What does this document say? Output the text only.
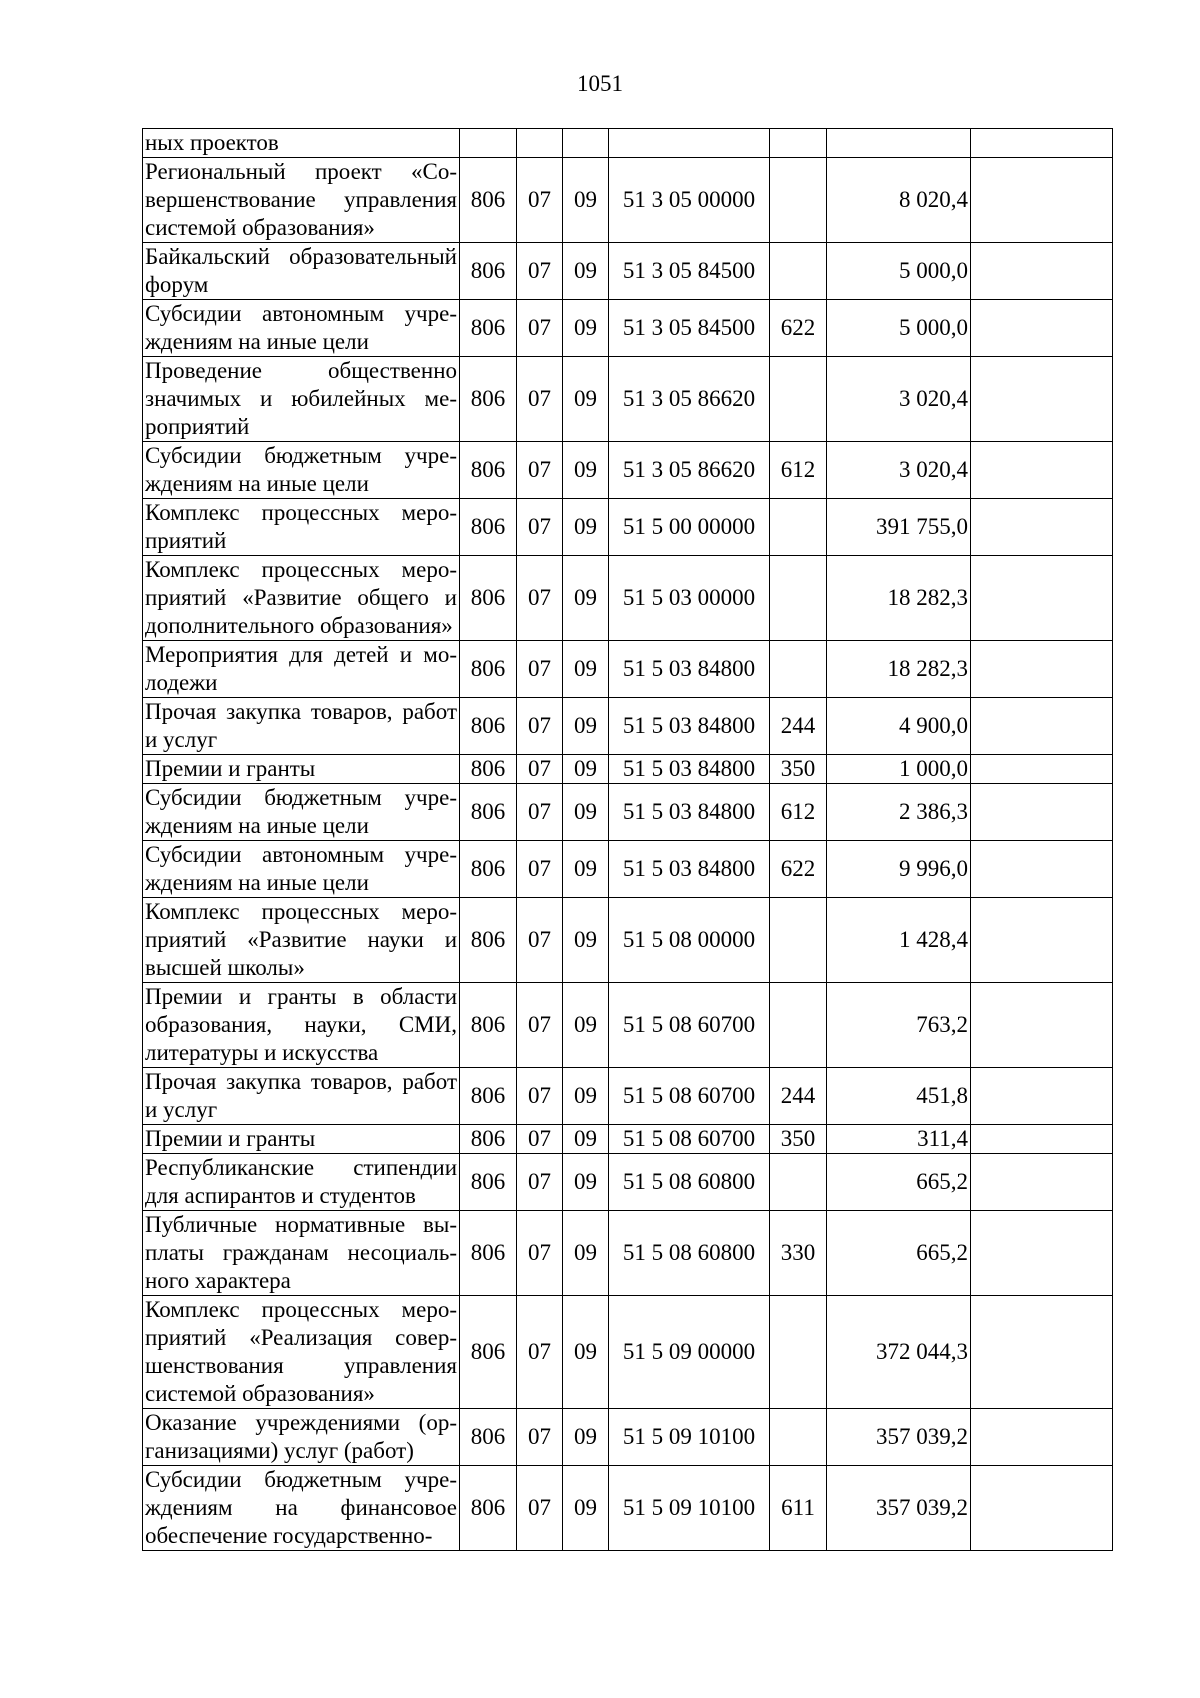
1051
ных проектов							
Региональный проект «Совершенствование управления системой образования»	806	07	09	51 3 05 00000		8 020,4	
Байкальский образовательный форум	806	07	09	51 3 05 84500		5 000,0	
Субсидии автономным учреждениям на иные цели	806	07	09	51 3 05 84500	622	5 000,0	
Проведение общественно значимых и юбилейных мероприятий	806	07	09	51 3 05 86620		3 020,4	
Субсидии бюджетным учреждениям на иные цели	806	07	09	51 3 05 86620	612	3 020,4	
Комплекс процессных мероприятий	806	07	09	51 5 00 00000		391 755,0	
Комплекс процессных мероприятий «Развитие общего и дополнительного образования»	806	07	09	51 5 03 00000		18 282,3	
Мероприятия для детей и молодежи	806	07	09	51 5 03 84800		18 282,3	
Прочая закупка товаров, работ и услуг	806	07	09	51 5 03 84800	244	4 900,0	
Премии и гранты	806	07	09	51 5 03 84800	350	1 000,0	
Субсидии бюджетным учреждениям на иные цели	806	07	09	51 5 03 84800	612	2 386,3	
Субсидии автономным учреждениям на иные цели	806	07	09	51 5 03 84800	622	9 996,0	
Комплекс процессных мероприятий «Развитие науки и высшей школы»	806	07	09	51 5 08 00000		1 428,4	
Премии и гранты в области образования, науки, СМИ, литературы и искусства	806	07	09	51 5 08 60700		763,2	
Прочая закупка товаров, работ и услуг	806	07	09	51 5 08 60700	244	451,8	
Премии и гранты	806	07	09	51 5 08 60700	350	311,4	
Республиканские стипендии для аспирантов и студентов	806	07	09	51 5 08 60800		665,2	
Публичные нормативные выплаты гражданам несоциального характера	806	07	09	51 5 08 60800	330	665,2	
Комплекс процессных мероприятий «Реализация совершенствования управления системой образования»	806	07	09	51 5 09 00000		372 044,3	
Оказание учреждениями (организациями) услуг (работ)	806	07	09	51 5 09 10100		357 039,2	
Субсидии бюджетным учреждениям на финансовое обеспечение государственно-	806	07	09	51 5 09 10100	611	357 039,2	
